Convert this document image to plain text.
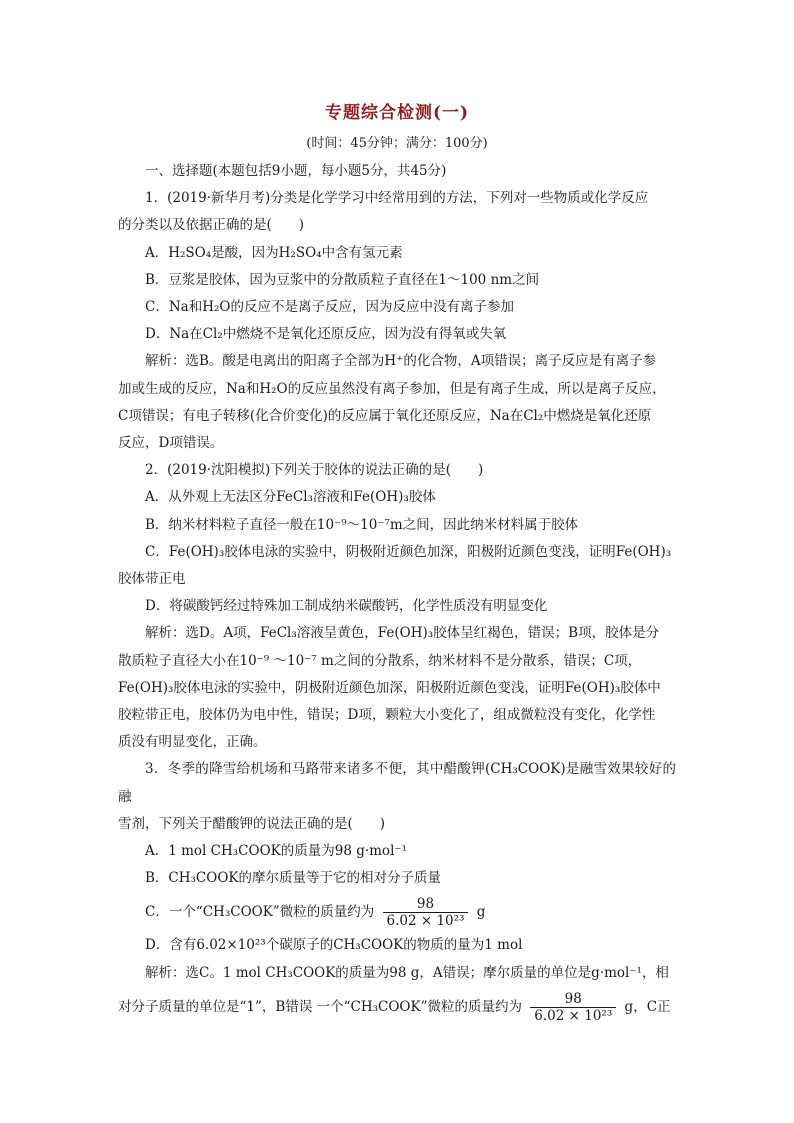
专题综合检测(一)
(时间：45分钟；满分：100分)

一、选择题(本题包括9小题，每小题5分，共45分)

1．(2019·新华月考)分类是化学学习中经常用到的方法，下列对一些物质或化学反应

的分类以及依据正确的是(　　)

A．H₂SO₄是酸，因为H₂SO₄中含有氢元素

B．豆浆是胶体，因为豆浆中的分散质粒子直径在1～100 nm之间

C．Na和H₂O的反应不是离子反应，因为反应中没有离子参加

D．Na在Cl₂中燃烧不是氧化还原反应，因为没有得氧或失氧

解析：选B。酸是电离出的阳离子全部为H⁺的化合物，A项错误；离子反应是有离子参

加或生成的反应，Na和H₂O的反应虽然没有离子参加，但是有离子生成，所以是离子反应，

C项错误；有电子转移(化合价变化)的反应属于氧化还原反应，Na在Cl₂中燃烧是氧化还原

反应，D项错误。

2．(2019·沈阳模拟)下列关于胶体的说法正确的是(　　)

A．从外观上无法区分FeCl₃溶液和Fe(OH)₃胶体

B．纳米材料粒子直径一般在10⁻⁹～10⁻⁷m之间，因此纳米材料属于胶体

C．Fe(OH)₃胶体电泳的实验中，阴极附近颜色加深，阳极附近颜色变浅，证明Fe(OH)₃

胶体带正电

D．将碳酸钙经过特殊加工制成纳米碳酸钙，化学性质没有明显变化

解析：选D。A项，FeCl₃溶液呈黄色，Fe(OH)₃胶体呈红褐色，错误；B项，胶体是分

散质粒子直径大小在10⁻⁹ ～10⁻⁷ m之间的分散系，纳米材料不是分散系，错误；C项，

Fe(OH)₃胶体电泳的实验中，阴极附近颜色加深，阳极附近颜色变浅，证明Fe(OH)₃胶体中

胶粒带正电，胶体仍为电中性，错误；D项，颗粒大小变化了，组成微粒没有变化，化学性

质没有明显变化，正确。

3．冬季的降雪给机场和马路带来诸多不便，其中醋酸钾(CH₃COOK)是融雪效果较好的融

雪剂，下列关于醋酸钾的说法正确的是(　　)

A．1 mol CH₃COOK的质量为98 g·mol⁻¹

B．CH₃COOK的摩尔质量等于它的相对分子质量

C．一个“CH₃COOK”微粒的质量约为 $\frac{98}{\text{6.02 × 10²³}}$ g

D．含有6.02×10²³个碳原子的CH₃COOK的物质的量为1 mol

解析：选C。1 mol CH₃COOK的质量为98 g，A错误；摩尔质量的单位是g·mol⁻¹，相

对分子质量的单位是“1”，B错误 一个“CH₃COOK”微粒的质量约为 $\frac{98}{\text{6.02 × 10²³}}$ g，C正
